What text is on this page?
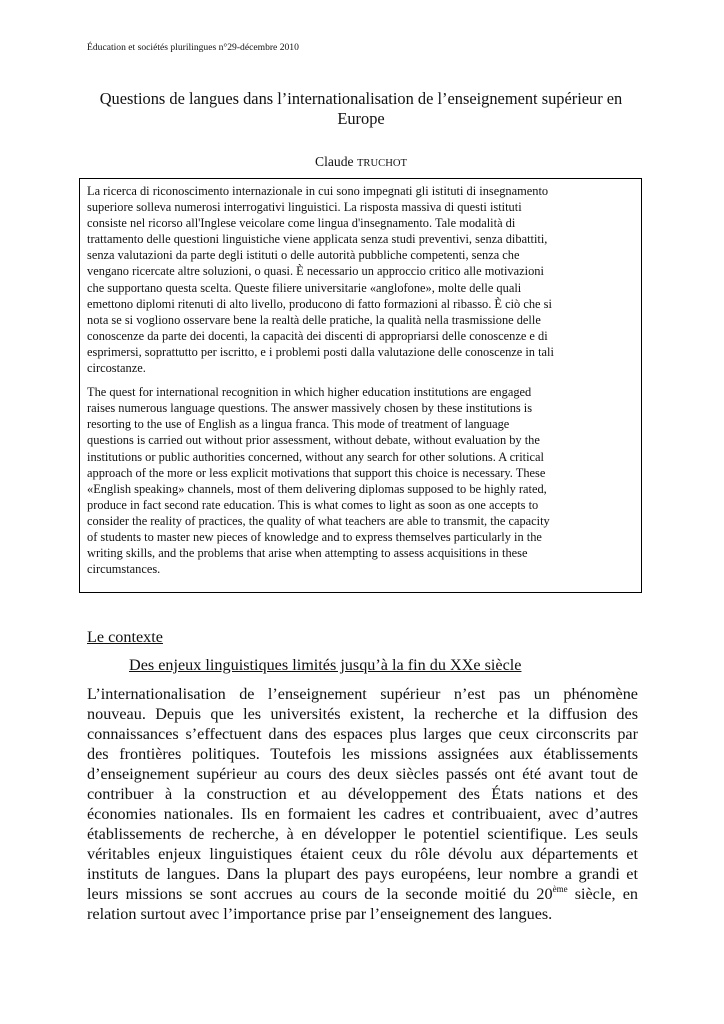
Éducation et sociétés plurilingues n°29-décembre 2010
Questions de langues dans l’internationalisation de l’enseignement supérieur en
Europe
Claude TRUCHOT

La ricerca di riconoscimento internazionale in cui sono impegnati gli istituti di insegnamento

superiore solleva numerosi interrogativi linguistici. La risposta massiva di questi istituti

consiste nel ricorso all'Inglese veicolare come lingua d'insegnamento. Tale modalità di

trattamento delle questioni linguistiche viene applicata senza studi preventivi, senza dibattiti,

senza valutazioni da parte degli istituti o delle autorità pubbliche competenti, senza che

vengano ricercate altre soluzioni, o quasi. È necessario un approccio critico alle motivazioni

che supportano questa scelta. Queste filiere universitarie «anglofone», molte delle quali

emettono diplomi ritenuti di alto livello, producono di fatto formazioni al ribasso. È ciò che si

nota se si vogliono osservare bene la realtà delle pratiche, la qualità nella trasmissione delle

conoscenze da parte dei docenti, la capacità dei discenti di appropriarsi delle conoscenze e di

esprimersi, soprattutto per iscritto, e i problemi posti dalla valutazione delle conoscenze in tali

circostanze.

The quest for international recognition in which higher education institutions are engaged

raises numerous language questions. The answer massively chosen by these institutions is

resorting to the use of English as a lingua franca. This mode of treatment of language

questions is carried out without prior assessment, without debate, without evaluation by the

institutions or public authorities concerned, without any search for other solutions. A critical

approach of the more or less explicit motivations that support this choice is necessary. These

«English speaking» channels, most of them delivering diplomas supposed to be highly rated,

produce in fact second rate education. This is what comes to light as soon as one accepts to

consider the reality of practices, the quality of what teachers are able to transmit, the capacity

of students to master new pieces of knowledge and to express themselves particularly in the

writing skills, and the problems that arise when attempting to assess acquisitions in these

circumstances.

Le contexte
Des enjeux linguistiques limités jusqu’à la fin du XXe siècle
L’internationalisation de l’enseignement supérieur n’est pas un phénomène
nouveau. Depuis que les universités existent, la recherche et la diffusion des
connaissances s’effectuent dans des espaces plus larges que ceux circonscrits par
des frontières politiques. Toutefois les missions assignées aux établissements
d’enseignement supérieur au cours des deux siècles passés ont été avant tout de
contribuer à la construction et au développement des États nations et des
économies nationales. Ils en formaient les cadres et contribuaient, avec d’autres
établissements de recherche, à en développer le potentiel scientifique. Les seuls
véritables enjeux linguistiques étaient ceux du rôle dévolu aux départements et
instituts de langues. Dans la plupart des pays européens, leur nombre a grandi et
leurs missions se sont accrues au cours de la seconde moitié du 20ème siècle, en
relation surtout avec l’importance prise par l’enseignement des langues.
